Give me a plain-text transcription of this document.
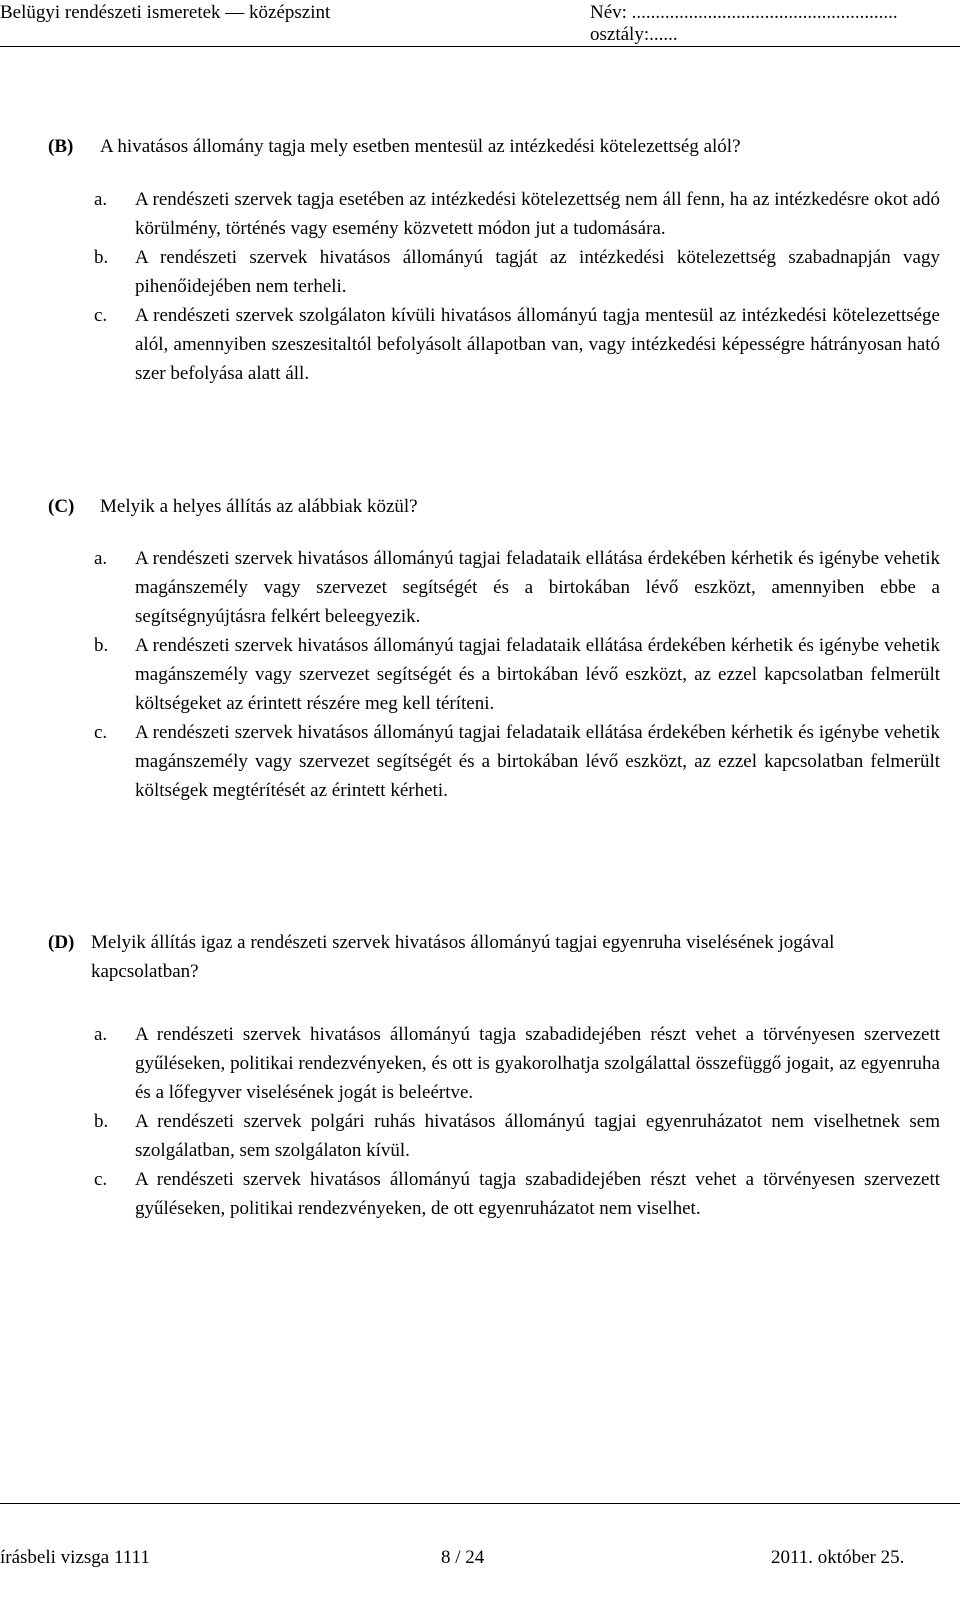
Belügyi rendészeti ismeretek — középszint	Név: ........................................................ osztály:......
(B) A hivatásos állomány tagja mely esetben mentesül az intézkedési kötelezettség alól?
a. A rendészeti szervek tagja esetében az intézkedési kötelezettség nem áll fenn, ha az intézkedésre okot adó körülmény, történés vagy esemény közvetett módon jut a tudomására.
b. A rendészeti szervek hivatásos állományú tagját az intézkedési kötelezettség szabadnapján vagy pihenőidejében nem terheli.
c. A rendészeti szervek szolgálaton kívüli hivatásos állományú tagja mentesül az intézkedési kötelezettsége alól, amennyiben szeszesitaltól befolyásolt állapotban van, vagy intézkedési képességre hátrányosan ható szer befolyása alatt áll.
(C) Melyik a helyes állítás az alábbiak közül?
a. A rendészeti szervek hivatásos állományú tagjai feladataik ellátása érdekében kérhetik és igénybe vehetik magánszemély vagy szervezet segítségét és a birtokában lévő eszközt, amennyiben ebbe a segítségnyújtásra felkért beleegyezik.
b. A rendészeti szervek hivatásos állományú tagjai feladataik ellátása érdekében kérhetik és igénybe vehetik magánszemély vagy szervezet segítségét és a birtokában lévő eszközt, az ezzel kapcsolatban felmerült költségeket az érintett részére meg kell téríteni.
c. A rendészeti szervek hivatásos állományú tagjai feladataik ellátása érdekében kérhetik és igénybe vehetik magánszemély vagy szervezet segítségét és a birtokában lévő eszközt, az ezzel kapcsolatban felmerült költségek megtérítését az érintett kérheti.
(D) Melyik állítás igaz a rendészeti szervek hivatásos állományú tagjai egyenruha viselésének jogával kapcsolatban?
a. A rendészeti szervek hivatásos állományú tagja szabadidejében részt vehet a törvényesen szervezett gyűléseken, politikai rendezvényeken, és ott is gyakorolhatja szolgálattal összefüggő jogait, az egyenruha és a lőfegyver viselésének jogát is beleértve.
b. A rendészeti szervek polgári ruhás hivatásos állományú tagjai egyenruházatot nem viselhetnek sem szolgálatban, sem szolgálaton kívül.
c. A rendészeti szervek hivatásos állományú tagja szabadidejében részt vehet a törvényesen szervezett gyűléseken, politikai rendezvényeken, de ott egyenruházatot nem viselhet.
írásbeli vizsga 1111	8 / 24	2011. október 25.
